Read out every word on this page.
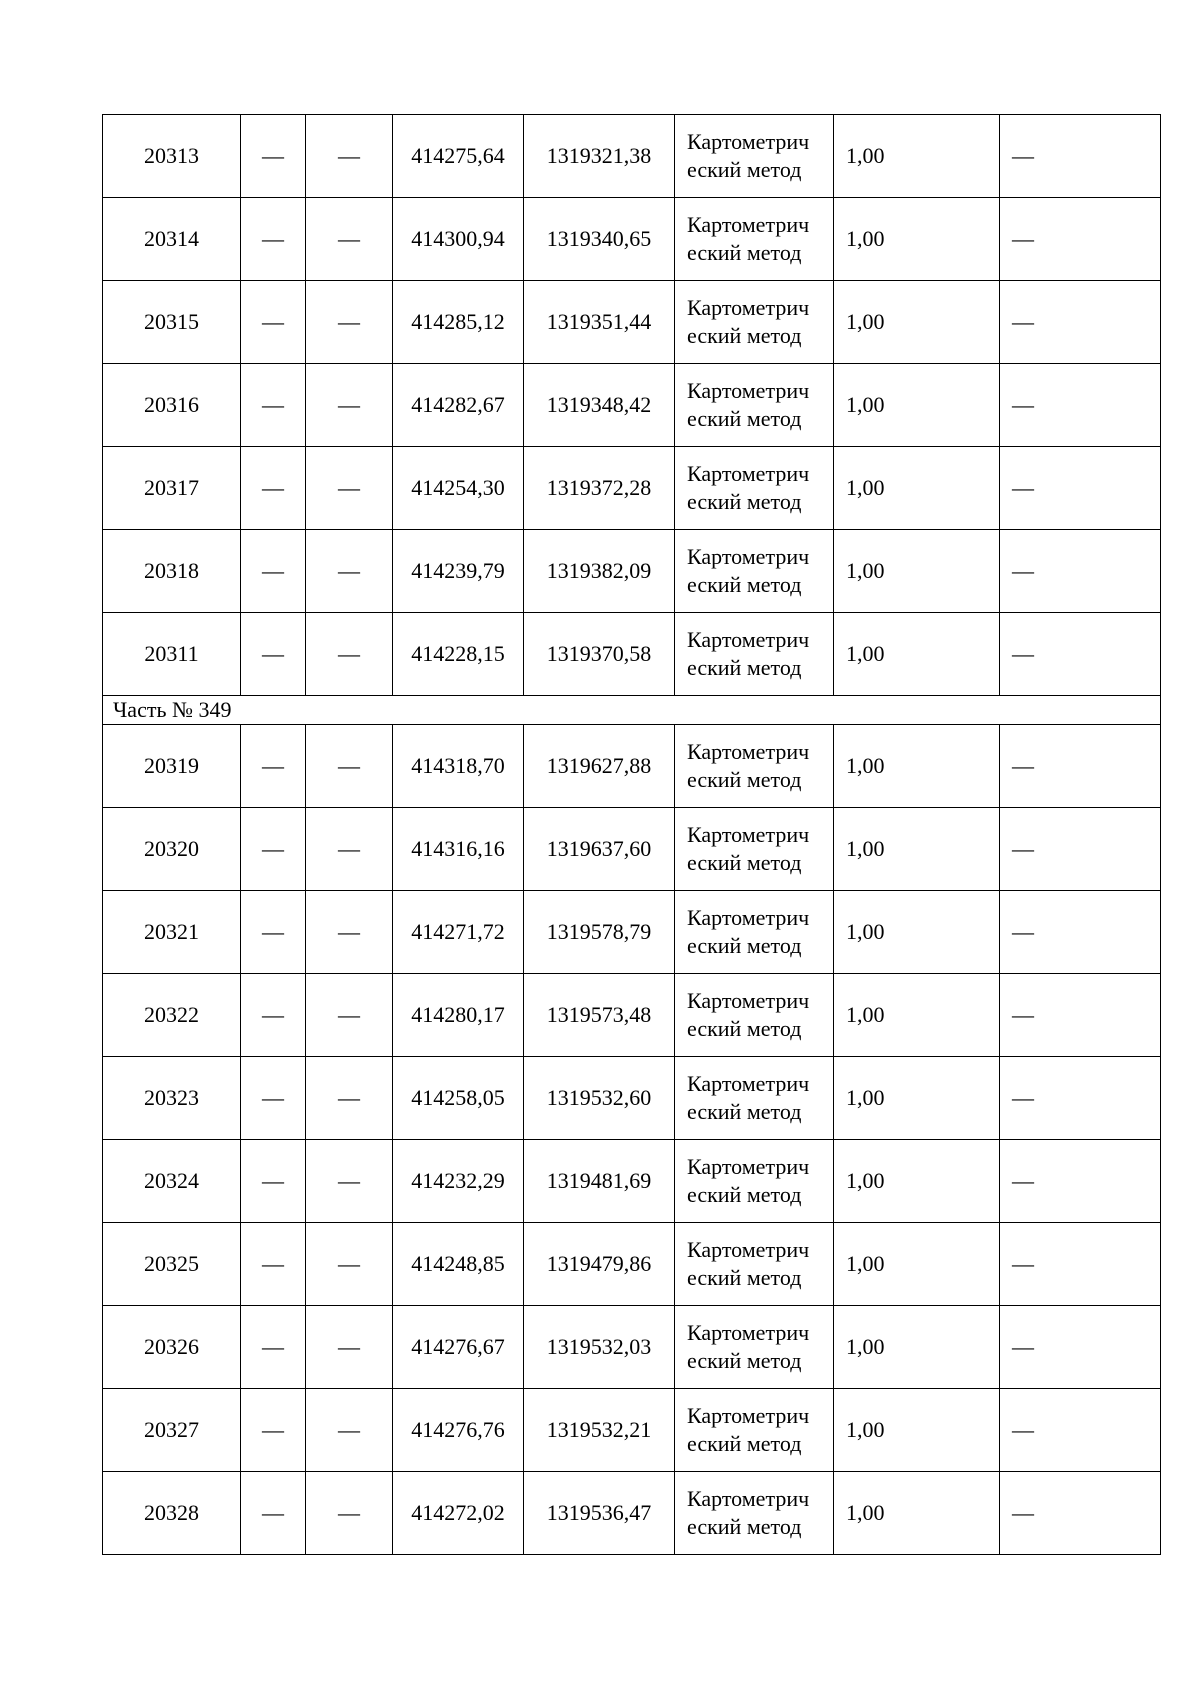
20313	—	—	414275,64	1319321,38	Картометрический метод	1,00	—
20314	—	—	414300,94	1319340,65	Картометрический метод	1,00	—
20315	—	—	414285,12	1319351,44	Картометрический метод	1,00	—
20316	—	—	414282,67	1319348,42	Картометрический метод	1,00	—
20317	—	—	414254,30	1319372,28	Картометрический метод	1,00	—
20318	—	—	414239,79	1319382,09	Картометрический метод	1,00	—
20311	—	—	414228,15	1319370,58	Картометрический метод	1,00	—
Часть № 349							
20319	—	—	414318,70	1319627,88	Картометрический метод	1,00	—
20320	—	—	414316,16	1319637,60	Картометрический метод	1,00	—
20321	—	—	414271,72	1319578,79	Картометрический метод	1,00	—
20322	—	—	414280,17	1319573,48	Картометрический метод	1,00	—
20323	—	—	414258,05	1319532,60	Картометрический метод	1,00	—
20324	—	—	414232,29	1319481,69	Картометрический метод	1,00	—
20325	—	—	414248,85	1319479,86	Картометрический метод	1,00	—
20326	—	—	414276,67	1319532,03	Картометрический метод	1,00	—
20327	—	—	414276,76	1319532,21	Картометрический метод	1,00	—
20328	—	—	414272,02	1319536,47	Картометрический метод	1,00	—
